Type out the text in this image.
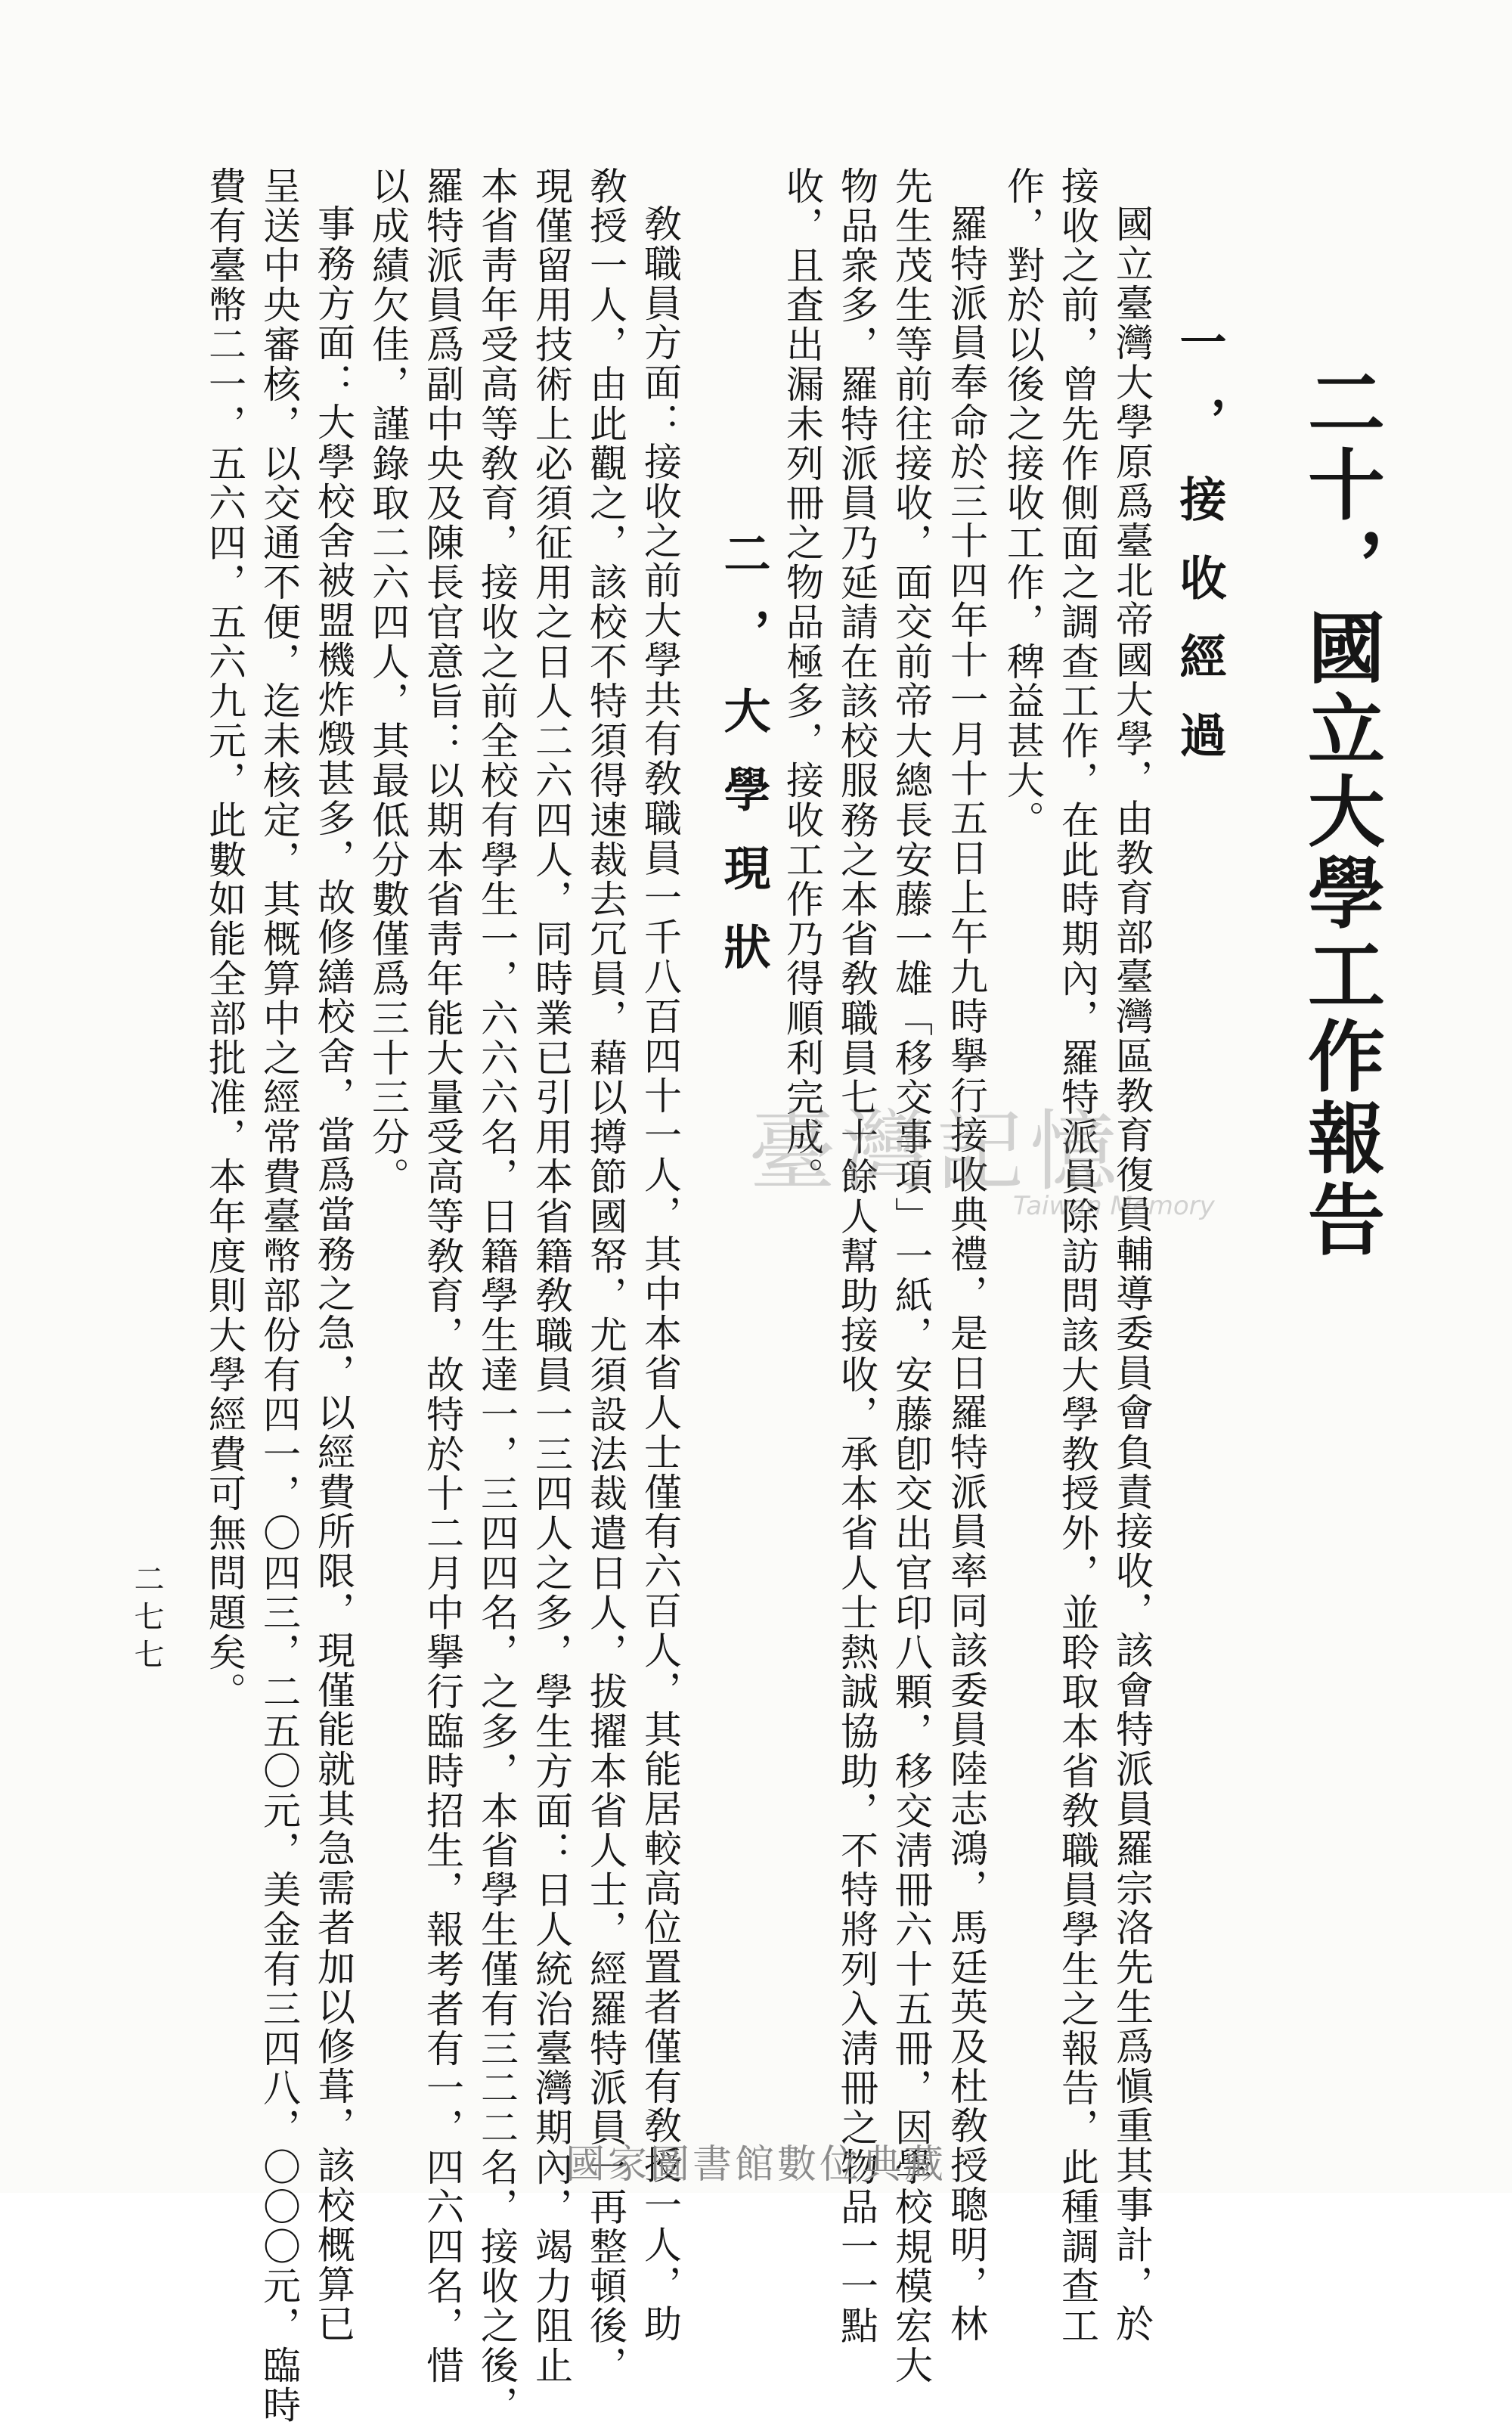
二十，國立大學工作報告
一，接收經過
國立臺灣大學原爲臺北帝國大學，由教育部臺灣區教育復員輔導委員會負責接收，該會特派員羅宗洛先生爲愼重其事計，於
接收之前，曾先作側面之調查工作，在此時期內，羅特派員除訪問該大學教授外，並聆取本省敎職員學生之報告，此種調查工
作，對於以後之接收工作，稗益甚大。
羅特派員奉命於三十四年十一月十五日上午九時擧行接收典禮，是日羅特派員率同該委員陸志鴻，馬廷英及杜敎授聰明，林
先生茂生等前往接收，面交前帝大總長安藤一雄「移交事項」一紙，安藤卽交出官印八顆，移交淸冊六十五冊，因學校規模宏大
物品衆多，羅特派員乃延請在該校服務之本省敎職員七十餘人幫助接收，承本省人士熱誠協助，不特將列入淸冊之物品一一點
收，且査出漏未列冊之物品極多，接收工作乃得順利完成。
二，大學現狀
敎職員方面：接收之前大學共有敎職員一千八百四十一人，其中本省人士僅有六百人，其能居較高位置者僅有敎授一人，助
敎授一人，由此觀之，該校不特須得速裁去冗員，藉以撙節國帑，尤須設法裁遣日人，拔擢本省人士，經羅特派員一再整頓後，
現僅留用技術上必須征用之日人二六四人，同時業已引用本省籍敎職員一三四人之多，學生方面：日人統治臺灣期內，竭力阻止
本省靑年受高等敎育，接收之前全校有學生一，六六六名，日籍學生達一，三四四名，之多，本省學生僅有三二二名，接收之後，
羅特派員爲副中央及陳長官意旨：以期本省靑年能大量受高等敎育，故特於十二月中擧行臨時招生，報考者有一，四六四名，惜
以成績欠佳，謹錄取二六四人，其最低分數僅爲三十三分。
事務方面：大學校舍被盟機炸燬甚多，故修繕校舍，當爲當務之急，以經費所限，現僅能就其急需者加以修葺，該校概算已
呈送中央審核，以交通不便，迄未核定，其概算中之經常費臺幣部份有四一，〇四三，二五〇元，美金有三四八，〇〇〇元，臨時
費有臺幣二一，五六四，五六九元，此數如能全部批准，本年度則大學經費可無問題矣。
二七七
臺灣記憶
Taiwan Memory
國家圖書館數位典藏
